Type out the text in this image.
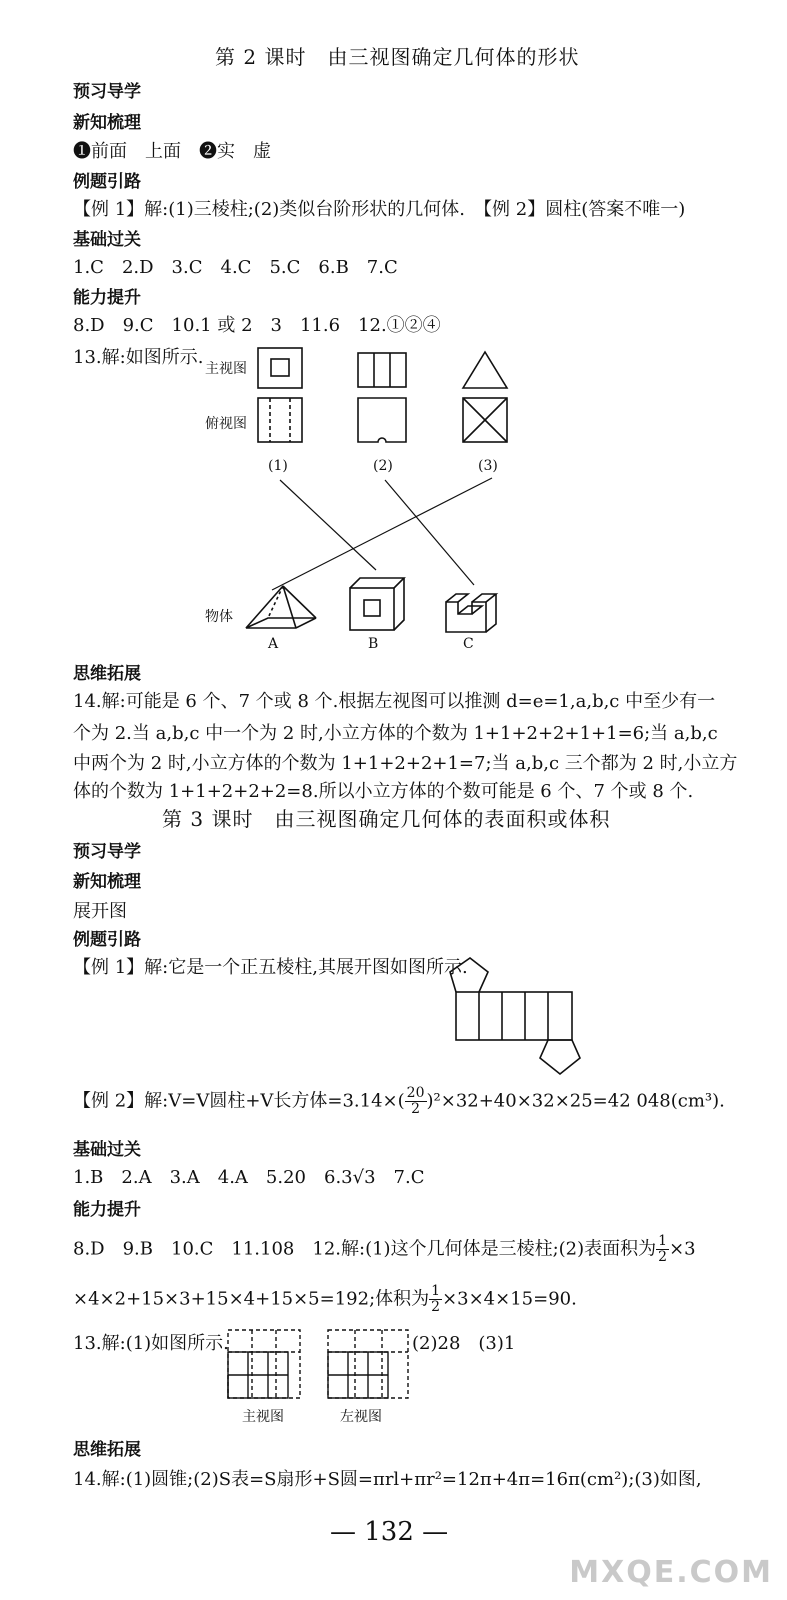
第 2 课时　由三视图确定几何体的形状
预习导学
新知梳理
❶前面　上面　❷实　虚
例题引路
【例 1】解:(1)三棱柱;(2)类似台阶形状的几何体.　【例 2】圆柱(答案不唯一)
基础过关
1.C　2.D　3.C　4.C　5.C　6.B　7.C
能力提升
8.D　9.C　10.1 或 2　3　11.6　12.①②④
13.解:如图所示.
主视图
俯视图
(1)	(2)	(3)
物体
A	B	C
思维拓展
14.解:可能是 6 个、7 个或 8 个.根据左视图可以推测 d=e=1,a,b,c 中至少有一
个为 2.当 a,b,c 中一个为 2 时,小立方体的个数为 1+1+2+2+1+1=6;当 a,b,c
中两个为 2 时,小立方体的个数为 1+1+2+2+1=7;当 a,b,c 三个都为 2 时,小立方
体的个数为 1+1+2+2+2=8.所以小立方体的个数可能是 6 个、7 个或 8 个.
第 3 课时　由三视图确定几何体的表面积或体积
预习导学
新知梳理
展开图
例题引路
【例 1】解:它是一个正五棱柱,其展开图如图所示.
【例 2】解:V=V圆柱+V长方体$=3.14\times( \frac{20}{2} )^2\times 32+40\times 32\times 25=42$ 048(cm³).
基础过关
1.B　2.A　3.A　4.A　5.20　6.3√3　7.C
能力提升
8.D　9.B　10.C　11.108　12.解:(1)这个几何体是三棱柱;(2)表面积为 $\frac{1}{2} \times 3$
×4×2+15×3+15×4+15×5=192;体积为 $\frac{1}{2} \times 3\times 4\times 15=90$.
13.解:(1)如图所示.	(2)28　(3)1
主视图	左视图
思维拓展
14.解:(1)圆锥;(2)S表=S扇形+S圆=πrl+πr²=12π+4π=16π(cm²);(3)如图,
— 132 —
MXQE.COM
